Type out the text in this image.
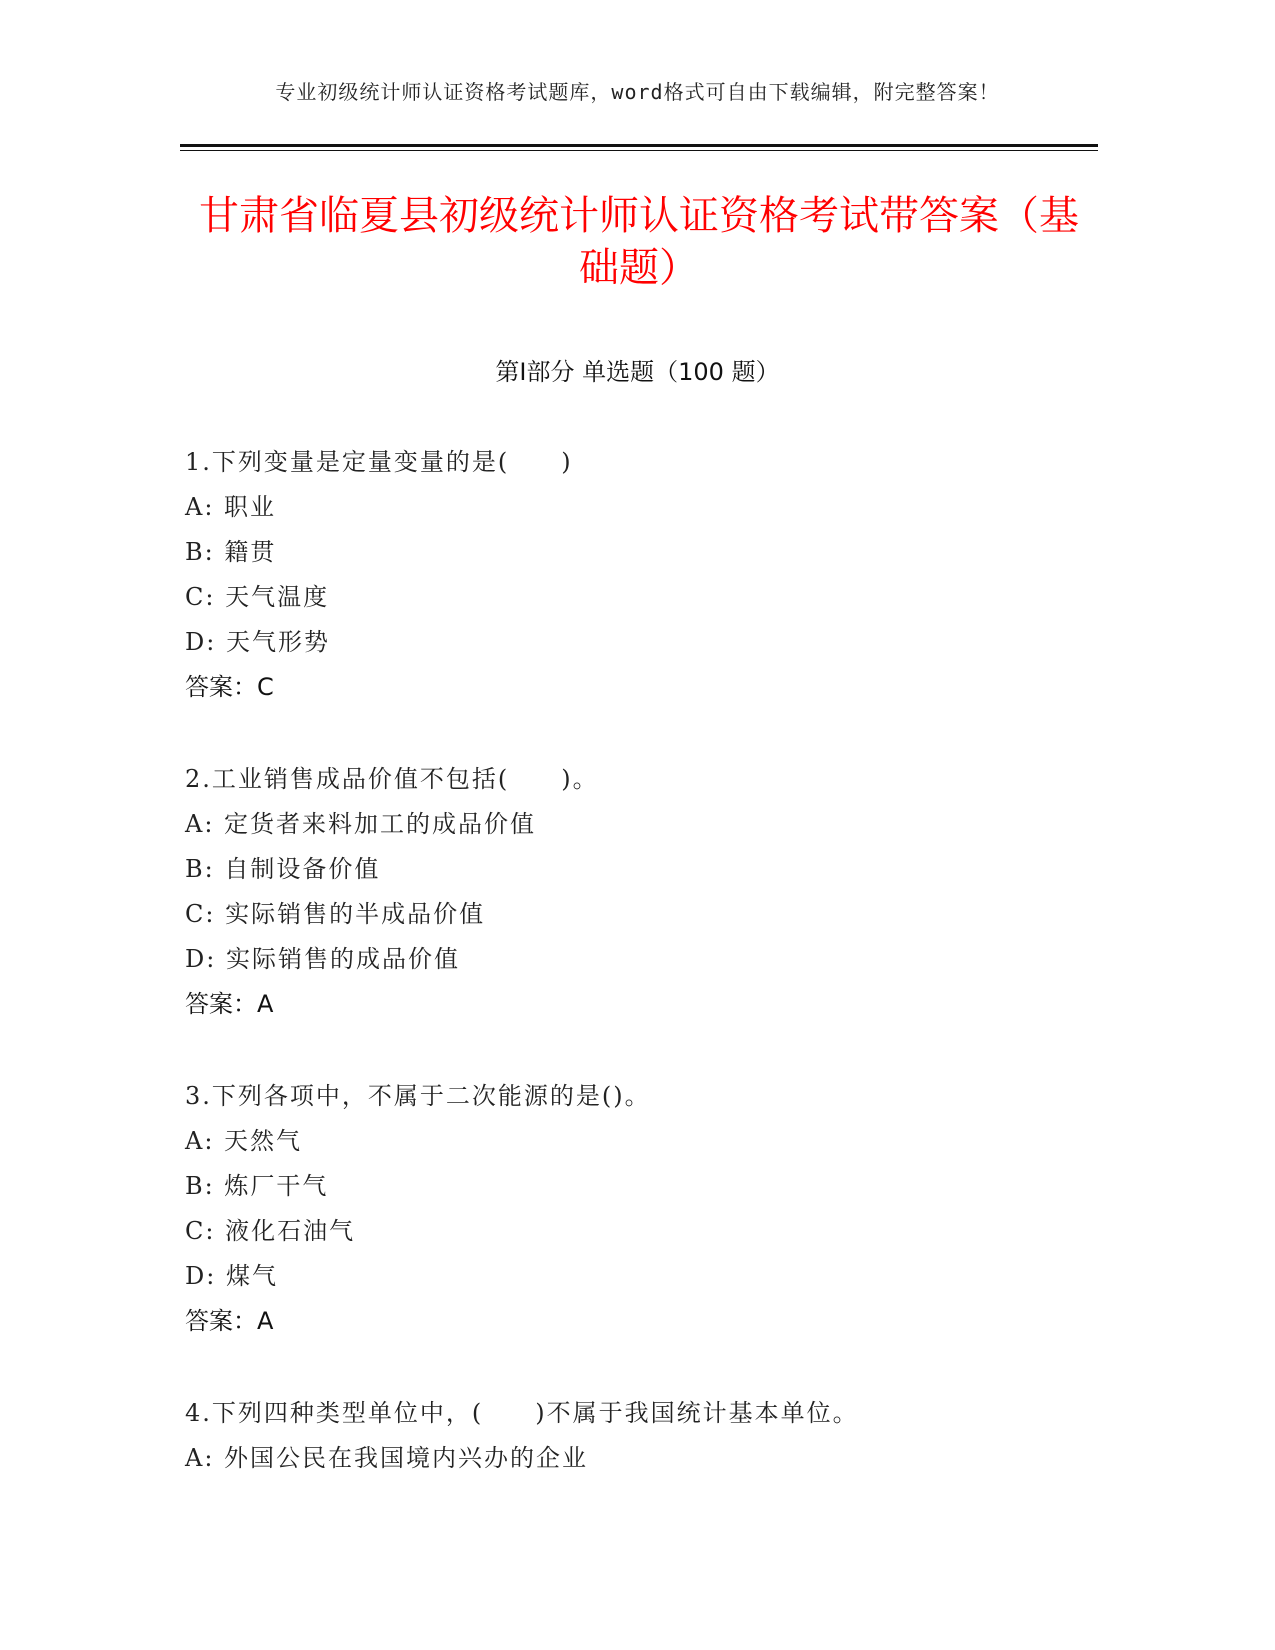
专业初级统计师认证资格考试题库，word格式可自由下载编辑，附完整答案！
甘肃省临夏县初级统计师认证资格考试带答案（基础题）
第Ⅰ部分 单选题（100 题）
1.下列变量是定量变量的是(　　)
A: 职业
B: 籍贯
C: 天气温度
D: 天气形势
答案：C
2.工业销售成品价值不包括(　　)。
A: 定货者来料加工的成品价值
B: 自制设备价值
C: 实际销售的半成品价值
D: 实际销售的成品价值
答案：A
3.下列各项中，不属于二次能源的是()。
A: 天然气
B: 炼厂干气
C: 液化石油气
D: 煤气
答案：A
4.下列四种类型单位中，(　　)不属于我国统计基本单位。
A: 外国公民在我国境内兴办的企业
